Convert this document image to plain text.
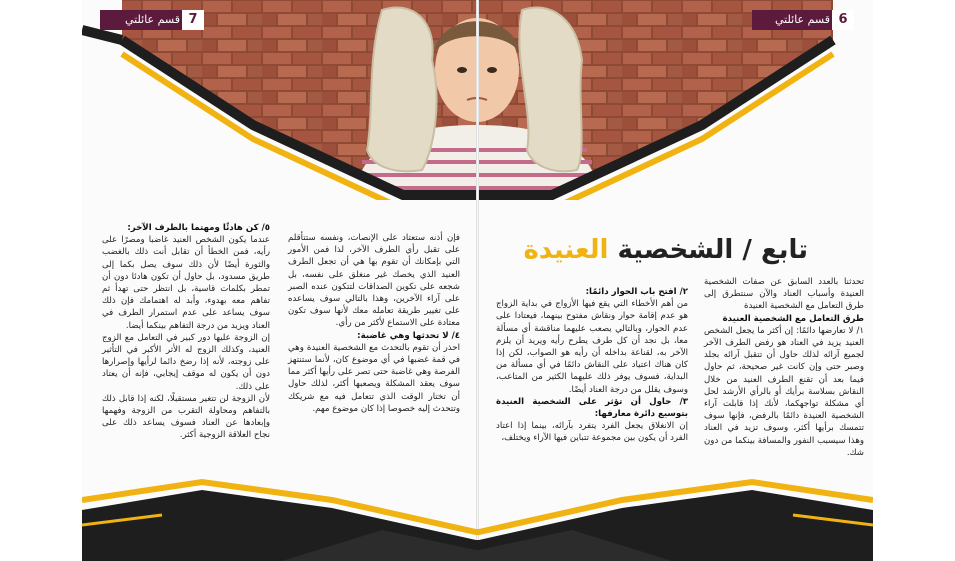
قسم عائلتي 7	قسم عائلتي 6
تابع / الشخصية العنيدة

تحدثنا بالعدد السابق عن صفات الشخصية العنيدة وأسباب العناد والآن سنتطرق إلى طرق التعامل مع الشخصية العنيدة

طرق التعامل مع الشخصية العنيدة

١/ لا تعارضها دائمًا: إن أكثر ما يجعل الشخص العنيد يزيد في العناد هو رفض الطرف الآخر لجميع آرائه لذلك حاول أن تتقبل آرائه بجلد وصبر حتى وإن كانت غير صحيحة، ثم حاول فيما بعد أن تقنع الطرف العنيد من خلال النقاش بسلاسة برأيك أو بالرأي الأرشد لحل أي مشكلة تواجهكما، لأنك إذا قابلت آراء الشخصية العنيدة دائمًا بالرفض، فإنها سوف تتمسك برأيها أكثر، وسوف تزيد في العناد وهذا سيسبب النفور والمسافة بينكما من دون شك.

٢/ افتح باب الحوار دائمًا:

من أهم الأخطاء التي يقع فيها الأزواج في بداية الزواج هو عدم إقامة حوار ونقاش مفتوح بينهما، فيعتادا على عدم الحوار، وبالتالي يصعب عليهما مناقشة أي مسألة معا، بل نجد أن كل طرف يطرح رأيه ويريد أن يلزم الآخر به، لقناعة بداخله أن رأيه هو الصواب، لكن إذا كان هناك اعتياد على النقاش دائمًا في أي مسألة من البداية، فسوف يوفر ذلك عليهما الكثير من المتاعب، وسوف يقلل من درجة العناد أيضًا.

٣/ حاول أن تؤثر على الشخصية العنيدة بتوسيع دائرة معارفها:

إن الانغلاق يجعل الفرد يتفرد بآرائه، بينما إذا اعتاد الفرد أن يكون بين مجموعة تتباين فيها الآراء ويختلف،

فإن أذنه ستعتاد على الإنصات، ونفسه ستتأقلم على تقبل رأي الطرف الآخر، لذا فمن الأمور التي بإمكانك أن تقوم بها هي أن تجعل الطرف العنيد الذي يخصك غير منغلق على نفسه، بل شجعه على تكوين الصداقات لتتكون عنده الصبر على آراء الآخرين، وهذا بالتالي سوف يساعده على تغيير طريقة تعامله معك لأنها سوف تكون معتادة على الاستماع لأكثر من رأي.

٤/ لا تحدثها وهي غاضبة:

احذر أن تقوم بالتحدث مع الشخصية العنيدة وهي في قمة غضبها في أي موضوع كان، لأنما ستنتهز الفرصة وهي غاضبة حتى تصر على رأيها أكثر مما سوف يعقد المشكلة ويصعبها أكثر، لذلك حاول أن تختار الوقت الذي تتعامل فيه مع شريكك وتتحدث إليه خصوصا إذا كان موضوع مهم.

٥/ كن هادئًا ومهتما بالطرف الآخر:

عندما يكون الشخص العنيد غاضبا ومصرًا على رأيه، فمن الخطأ أن تقابل أنت ذلك بالغضب والثورة أيضًا لأن ذلك سوف يصل بكما إلى طريق مسدود، بل حاول أن تكون هادئا دون أن تمطر بكلمات قاسية، بل انتظر حتى تهدأ ثم تفاهم معه بهدوء، وأبد له اهتمامك فإن ذلك سوف يساعد على عدم استمرار الطرف في العناد ويزيد من درجة التفاهم بينكما أيضا.

إن الزوجة عليها دور كبير في التعامل مع الزوج العنيد، وكذلك الزوج له الأثر الأكبر في التأثير على زوجته، لأنه إذا رضخ دائما لرأيها وإصرارها دون أن يكون له موقف إيجابي، فإنه أن يعتاد على ذلك.

لأن الزوجة لن تتغير مستقبلًا، لكنه إذا قابل ذلك بالتفاهم ومحاولة التقرب من الزوجة وفهمها وإبعادها عن العناد فسوف يساعد ذلك على نجاح العلاقة الزوجية أكثر.
